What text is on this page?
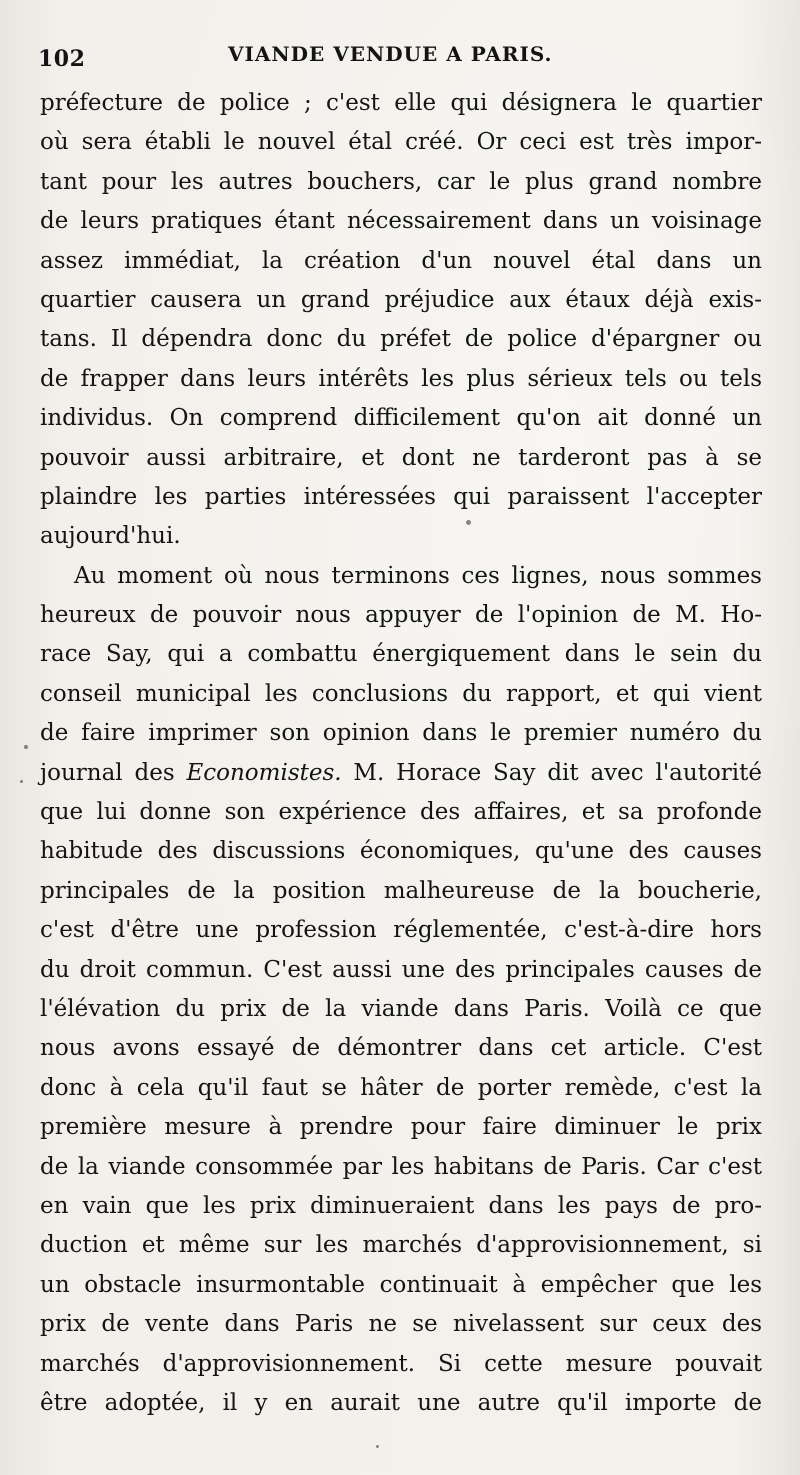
102	VIANDE VENDUE A PARIS.
préfecture de police ; c'est elle qui désignera le quartier
où sera établi le nouvel étal créé. Or ceci est très impor-
tant pour les autres bouchers, car le plus grand nombre
de leurs pratiques étant nécessairement dans un voisinage
assez immédiat, la création d'un nouvel étal dans un
quartier causera un grand préjudice aux étaux déjà exis-
tans. Il dépendra donc du préfet de police d'épargner ou
de frapper dans leurs intérêts les plus sérieux tels ou tels
individus. On comprend difficilement qu'on ait donné un
pouvoir aussi arbitraire, et dont ne tarderont pas à se
plaindre les parties intéressées qui paraissent l'accepter
aujourd'hui.
Au moment où nous terminons ces lignes, nous sommes
heureux de pouvoir nous appuyer de l'opinion de M. Ho-
race Say, qui a combattu énergiquement dans le sein du
conseil municipal les conclusions du rapport, et qui vient
de faire imprimer son opinion dans le premier numéro du
journal des Economistes. M. Horace Say dit avec l'autorité
que lui donne son expérience des affaires, et sa profonde
habitude des discussions économiques, qu'une des causes
principales de la position malheureuse de la boucherie,
c'est d'être une profession réglementée, c'est-à-dire hors
du droit commun. C'est aussi une des principales causes de
l'élévation du prix de la viande dans Paris. Voilà ce que
nous avons essayé de démontrer dans cet article. C'est
donc à cela qu'il faut se hâter de porter remède, c'est la
première mesure à prendre pour faire diminuer le prix
de la viande consommée par les habitans de Paris. Car c'est
en vain que les prix diminueraient dans les pays de pro-
duction et même sur les marchés d'approvisionnement, si
un obstacle insurmontable continuait à empêcher que les
prix de vente dans Paris ne se nivelassent sur ceux des
marchés d'approvisionnement. Si cette mesure pouvait
être adoptée, il y en aurait une autre qu'il importe de
